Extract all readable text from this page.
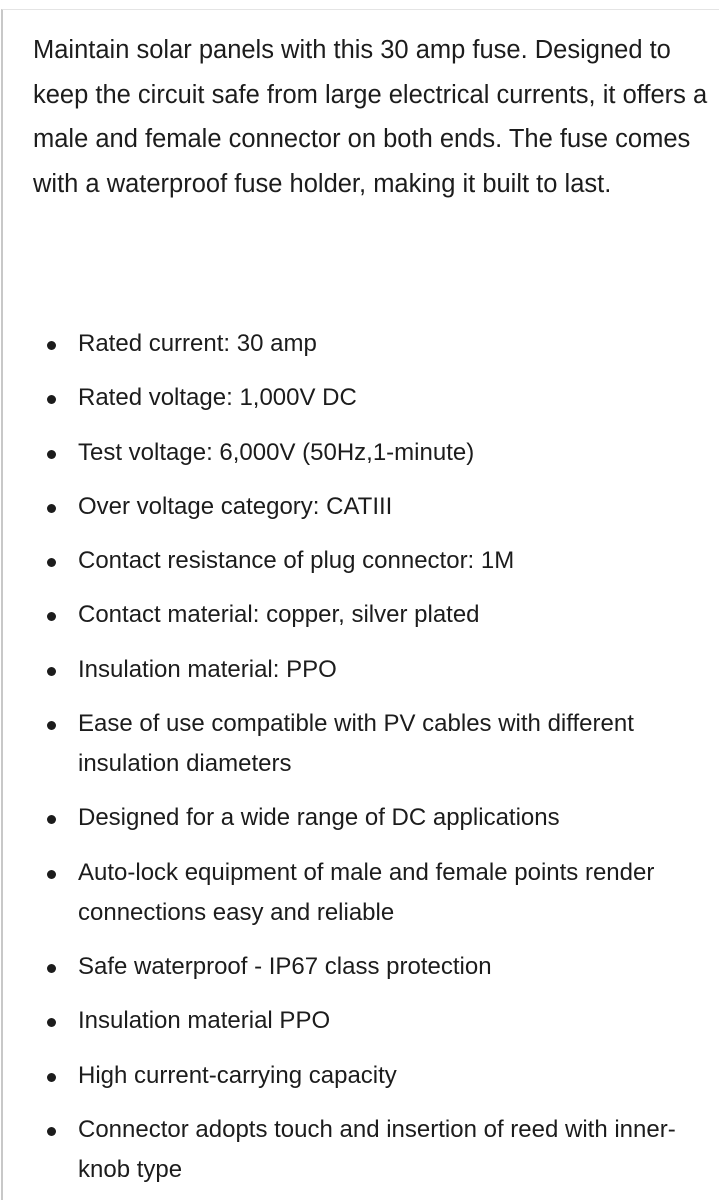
Maintain solar panels with this 30 amp fuse. Designed to keep the circuit safe from large electrical currents, it offers a male and female connector on both ends. The fuse comes with a waterproof fuse holder, making it built to last.

Rated current: 30 amp
Rated voltage: 1,000V DC
Test voltage: 6,000V (50Hz,1-minute)
Over voltage category: CATIII
Contact resistance of plug connector: 1M
Contact material: copper, silver plated
Insulation material: PPO
Ease of use compatible with PV cables with different insulation diameters
Designed for a wide range of DC applications
Auto-lock equipment of male and female points render connections easy and reliable
Safe waterproof - IP67 class protection
Insulation material PPO
High current-carrying capacity
Connector adopts touch and insertion of reed with inner-knob type
